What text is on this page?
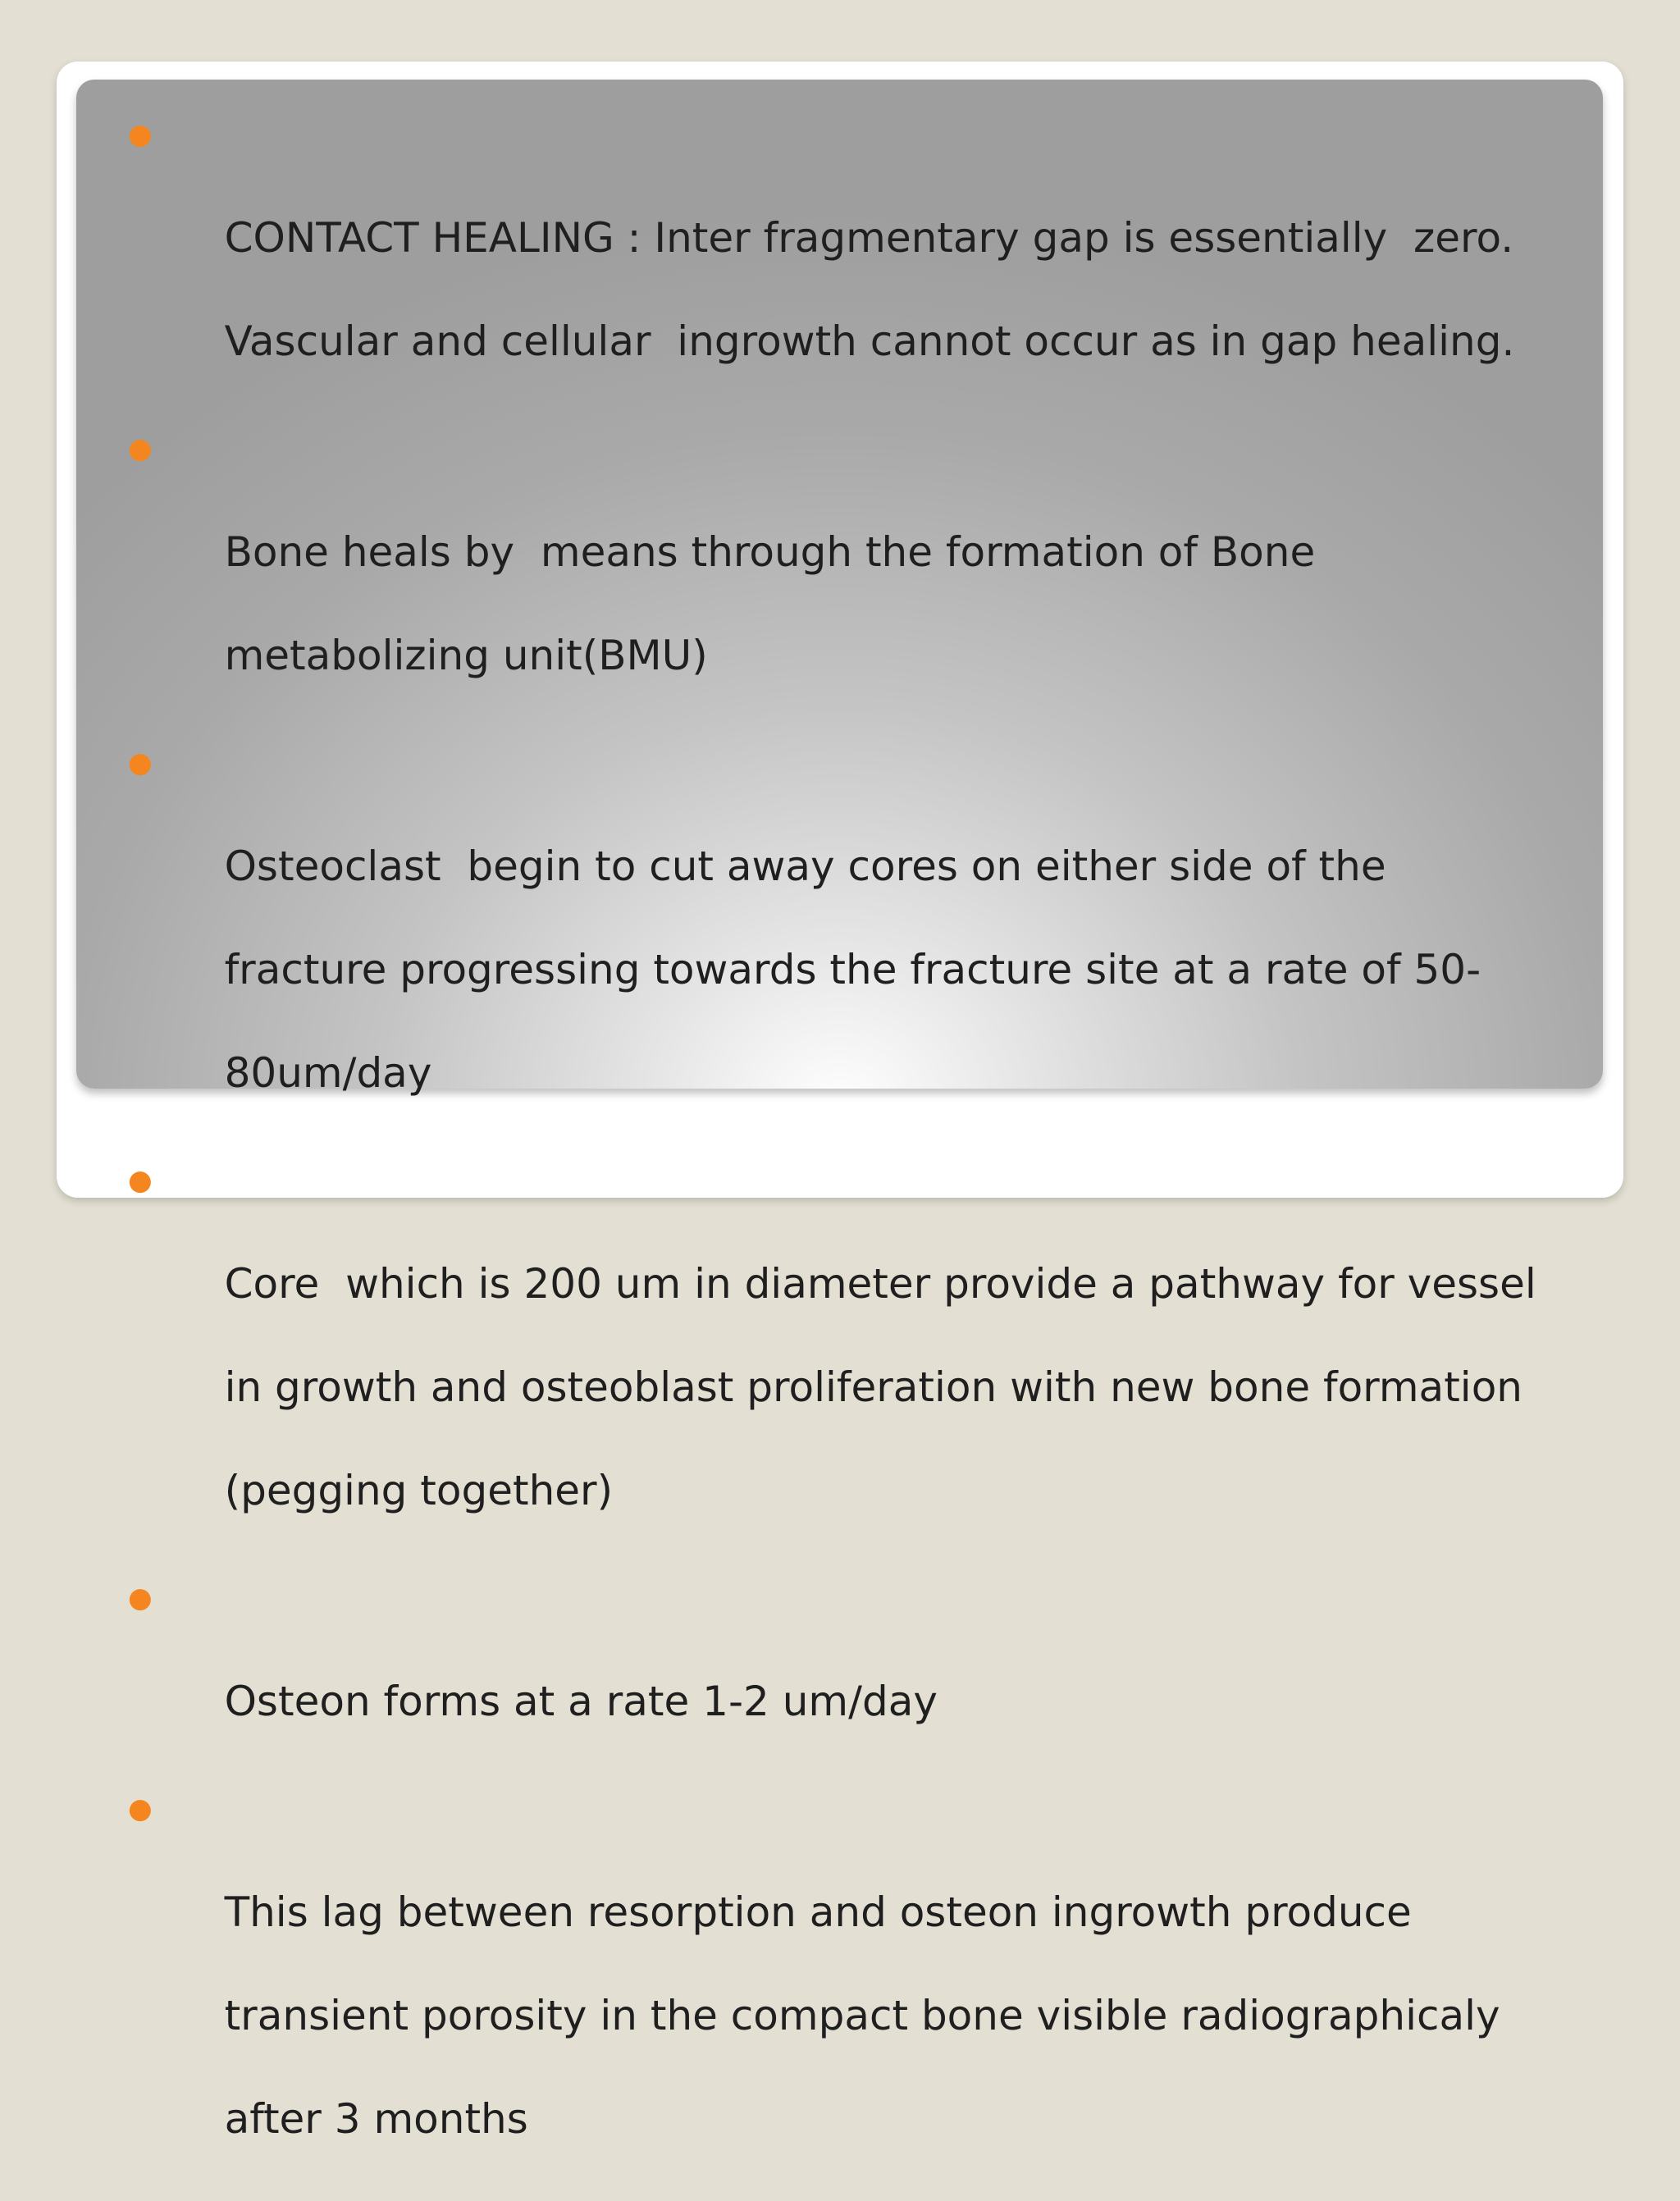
●

CONTACT HEALING : Inter fragmentary gap is essentially  zero.

Vascular and cellular  ingrowth cannot occur as in gap healing.

●

Bone heals by  means through the formation of Bone

metabolizing unit(BMU)

●

Osteoclast  begin to cut away cores on either side of the

fracture progressing towards the fracture site at a rate of 50-

80um/day

●

Core  which is 200 um in diameter provide a pathway for vessel

in growth and osteoblast proliferation with new bone formation

(pegging together)

●

Osteon forms at a rate 1-2 um/day

●

This lag between resorption and osteon ingrowth produce

transient porosity in the compact bone visible radiographicaly

after 3 months
